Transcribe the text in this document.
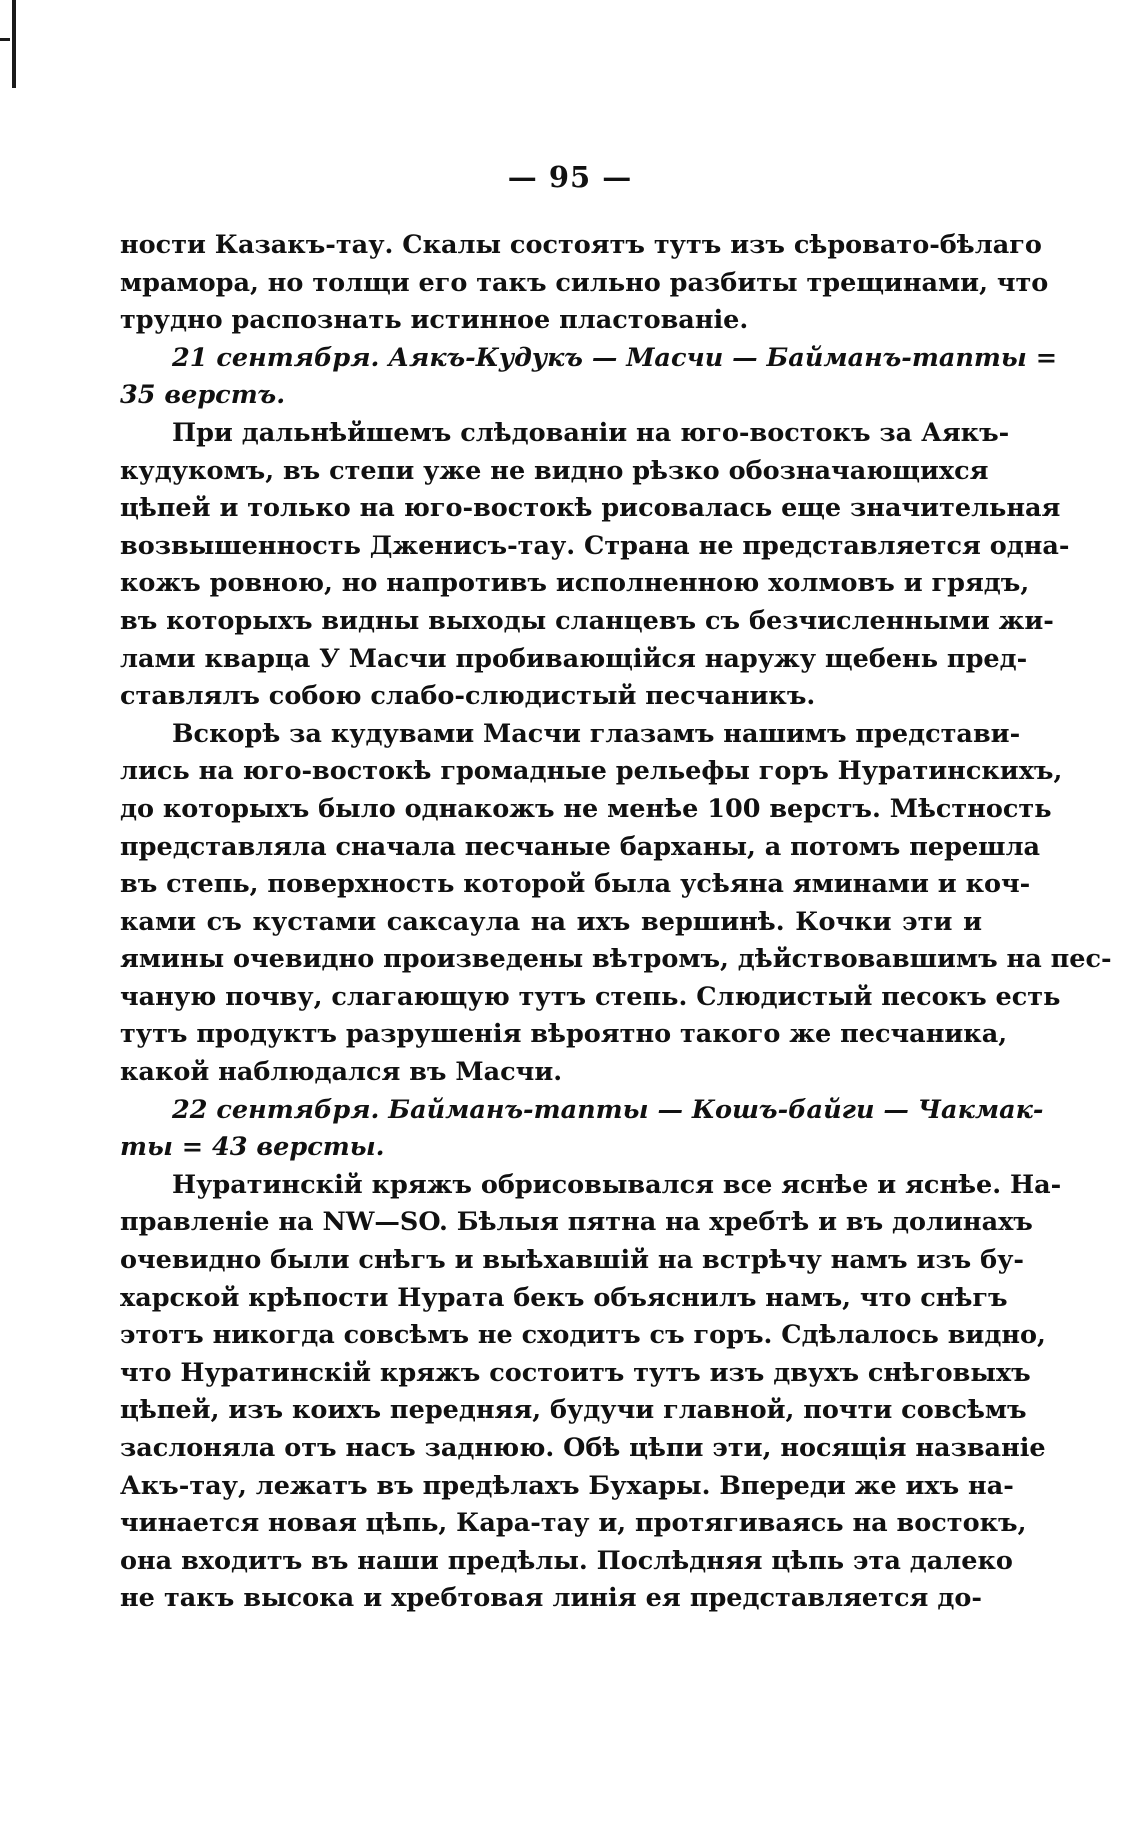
— 95 —
ности Казакъ-тау. Скалы состоятъ тутъ изъ сѣровато-бѣлаго
мрамора, но толщи его такъ сильно разбиты трещинами, что
трудно распознать истинное пластованіе.
21 сентября. Аякъ-Кудукъ — Масчи — Байманъ-тапты =
35 верстъ.
При дальнѣйшемъ слѣдованіи на юго-востокъ за Аякъ-
кудукомъ, въ степи уже не видно рѣзко обозначающихся
цѣпей и только на юго-востокѣ рисовалась еще значительная
возвышенность Дженисъ-тау. Страна не представляется одна-
кожъ ровною, но напротивъ исполненною холмовъ и грядъ,
въ которыхъ видны выходы сланцевъ съ безчисленными жи-
лами кварца У Масчи пробивающійся наружу щебень пред-
ставлялъ собою слабо-слюдистый песчаникъ.
Вскорѣ за кудувами Масчи глазамъ нашимъ представи-
лись на юго-востокѣ громадные рельефы горъ Нуратинскихъ,
до которыхъ было однакожъ не менѣе 100 верстъ. Мѣстность
представляла сначала песчаные барханы, а потомъ перешла
въ степь, поверхность которой была усѣяна яминами и коч-
ками съ кустами саксаула на ихъ вершинѣ. Кочки эти и
ямины очевидно произведены вѣтромъ, дѣйствовавшимъ на пес-
чаную почву, слагающую тутъ степь. Слюдистый песокъ есть
тутъ продуктъ разрушенія вѣроятно такого же песчаника,
какой наблюдался въ Масчи.
22 сентября. Байманъ-тапты — Кошъ-байги — Чакмак-
ты = 43 версты.
Нуратинскій кряжъ обрисовывался все яснѣе и яснѣе. На-
правленіе на NW—SO. Бѣлыя пятна на хребтѣ и въ долинахъ
очевидно были снѣгъ и выѣхавшій на встрѣчу намъ изъ бу-
харской крѣпости Нурата бекъ объяснилъ намъ, что снѣгъ
этотъ никогда совсѣмъ не сходитъ съ горъ. Сдѣлалось видно,
что Нуратинскій кряжъ состоитъ тутъ изъ двухъ снѣговыхъ
цѣпей, изъ коихъ передняя, будучи главной, почти совсѣмъ
заслоняла отъ насъ заднюю. Обѣ цѣпи эти, носящія названіе
Акъ-тау, лежатъ въ предѣлахъ Бухары. Впереди же ихъ на-
чинается новая цѣпь, Кара-тау и, протягиваясь на востокъ,
она входитъ въ наши предѣлы. Послѣдняя цѣпь эта далеко
не такъ высока и хребтовая линія ея представляется до-
